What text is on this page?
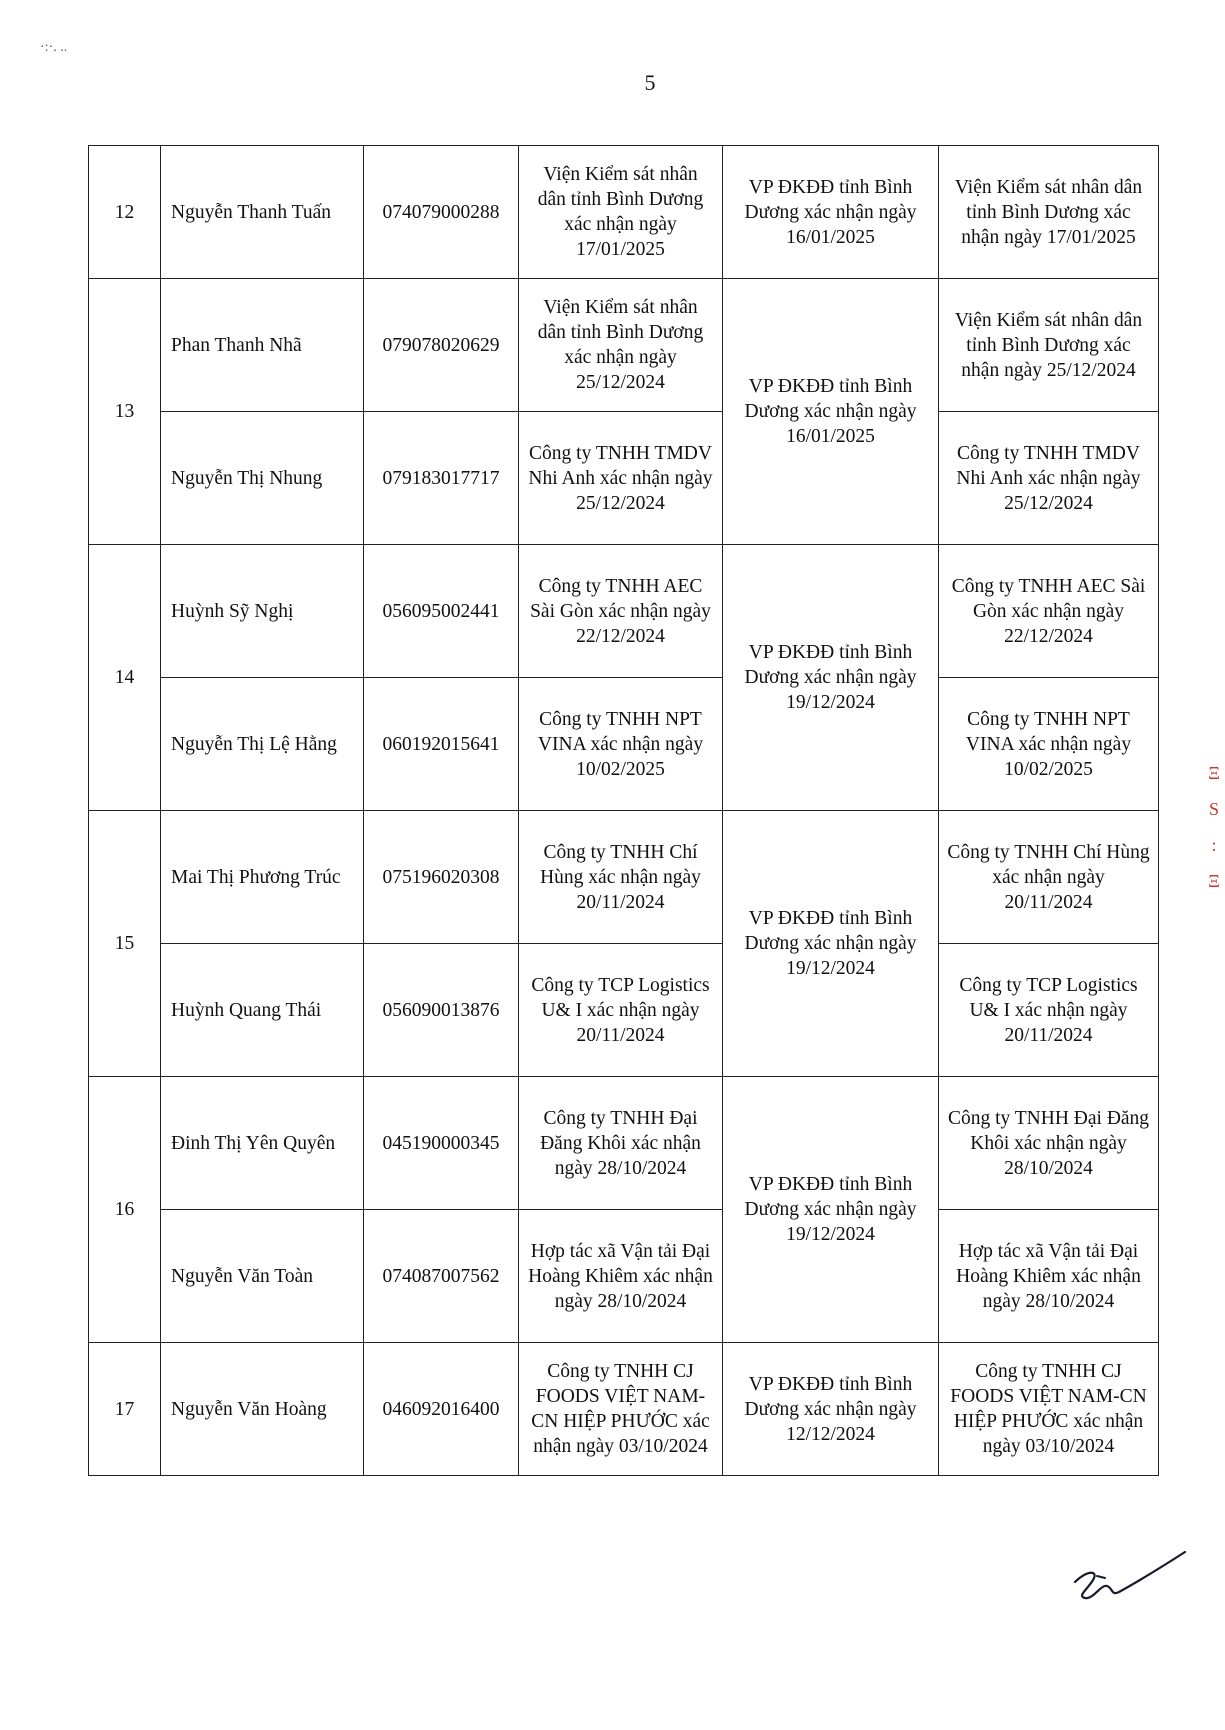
·:·. ..
5
12	Nguyễn Thanh Tuấn	074079000288	Viện Kiểm sát nhân dân tỉnh Bình Dương xác nhận ngày 17/01/2025	VP ĐKĐĐ tỉnh Bình Dương xác nhận ngày 16/01/2025	Viện Kiểm sát nhân dân tỉnh Bình Dương xác nhận ngày 17/01/2025
13	Phan Thanh Nhã	079078020629	Viện Kiểm sát nhân dân tỉnh Bình Dương xác nhận ngày 25/12/2024	VP ĐKĐĐ tỉnh Bình Dương xác nhận ngày 16/01/2025	Viện Kiểm sát nhân dân tỉnh Bình Dương xác nhận ngày 25/12/2024
	Nguyễn Thị Nhung	079183017717	Công ty TNHH TMDV Nhi Anh xác nhận ngày 25/12/2024		Công ty TNHH TMDV Nhi Anh xác nhận ngày 25/12/2024
14	Huỳnh Sỹ Nghị	056095002441	Công ty TNHH AEC Sài Gòn xác nhận ngày 22/12/2024	VP ĐKĐĐ tỉnh Bình Dương xác nhận ngày 19/12/2024	Công ty TNHH AEC Sài Gòn xác nhận ngày 22/12/2024
	Nguyễn Thị Lệ Hằng	060192015641	Công ty TNHH NPT VINA xác nhận ngày 10/02/2025		Công ty TNHH NPT VINA xác nhận ngày 10/02/2025
15	Mai Thị Phương Trúc	075196020308	Công ty TNHH Chí Hùng xác nhận ngày 20/11/2024	VP ĐKĐĐ tỉnh Bình Dương xác nhận ngày 19/12/2024	Công ty TNHH Chí Hùng xác nhận ngày 20/11/2024
	Huỳnh Quang Thái	056090013876	Công ty TCP Logistics U& I xác nhận ngày 20/11/2024		Công ty TCP Logistics U& I xác nhận ngày 20/11/2024
16	Đinh Thị Yên Quyên	045190000345	Công ty TNHH Đại Đăng Khôi xác nhận ngày 28/10/2024	VP ĐKĐĐ tỉnh Bình Dương xác nhận ngày 19/12/2024	Công ty TNHH Đại Đăng Khôi xác nhận ngày 28/10/2024
	Nguyễn Văn Toàn	074087007562	Hợp tác xã Vận tải Đại Hoàng Khiêm xác nhận ngày 28/10/2024		Hợp tác xã Vận tải Đại Hoàng Khiêm xác nhận ngày 28/10/2024
17	Nguyễn Văn Hoàng	046092016400	Công ty TNHH CJ FOODS VIỆT NAM-CN HIỆP PHƯỚC xác nhận ngày 03/10/2024	VP ĐKĐĐ tỉnh Bình Dương xác nhận ngày 12/12/2024	Công ty TNHH CJ FOODS VIỆT NAM-CN HIỆP PHƯỚC xác nhận ngày 03/10/2024
Ξ
S
:
Ξ
